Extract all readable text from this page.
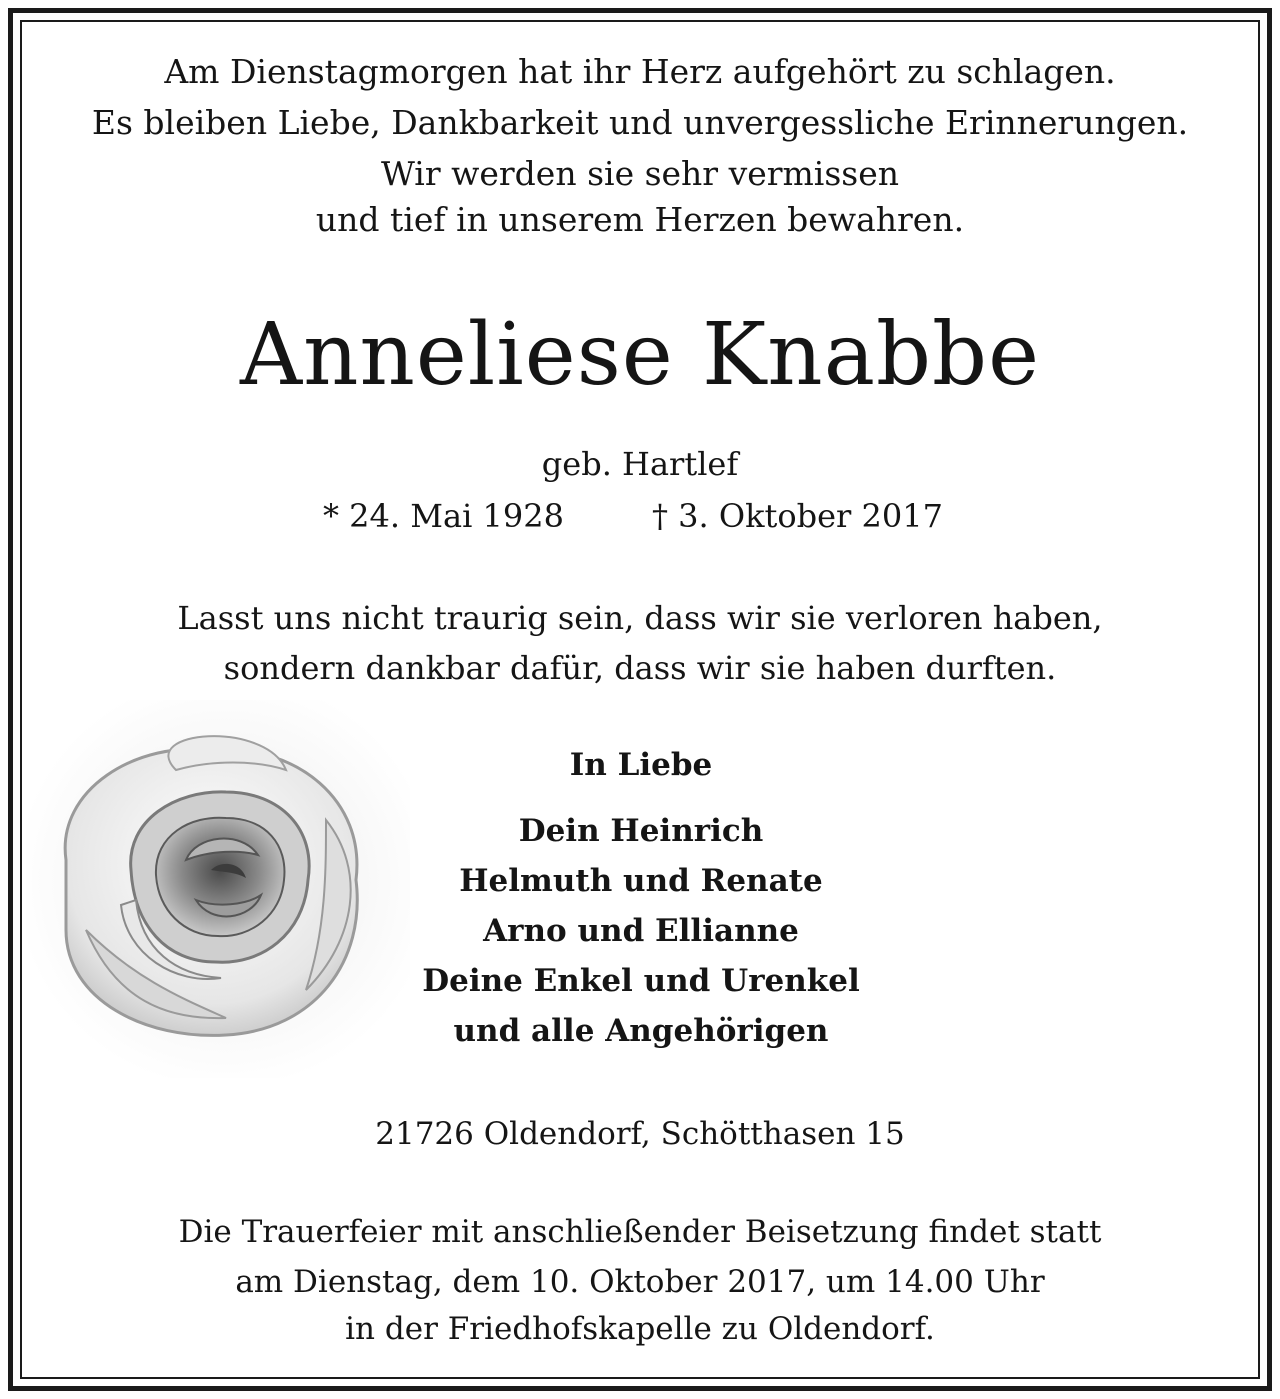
Am Dienstagmorgen hat ihr Herz aufgehört zu schlagen.
Es bleiben Liebe, Dankbarkeit und unvergessliche Erinnerungen.
Wir werden sie sehr vermissen
und tief in unserem Herzen bewahren.
Anneliese Knabbe
geb. Hartlef
* 24. Mai 1928	† 3. Oktober 2017
Lasst uns nicht traurig sein, dass wir sie verloren haben,
sondern dankbar dafür, dass wir sie haben durften.
In Liebe
Dein Heinrich
Helmuth und Renate
Arno und Ellianne
Deine Enkel und Urenkel
und alle Angehörigen
21726 Oldendorf, Schötthasen 15
Die Trauerfeier mit anschließender Beisetzung findet statt
am Dienstag, dem 10. Oktober 2017, um 14.00 Uhr
in der Friedhofskapelle zu Oldendorf.
